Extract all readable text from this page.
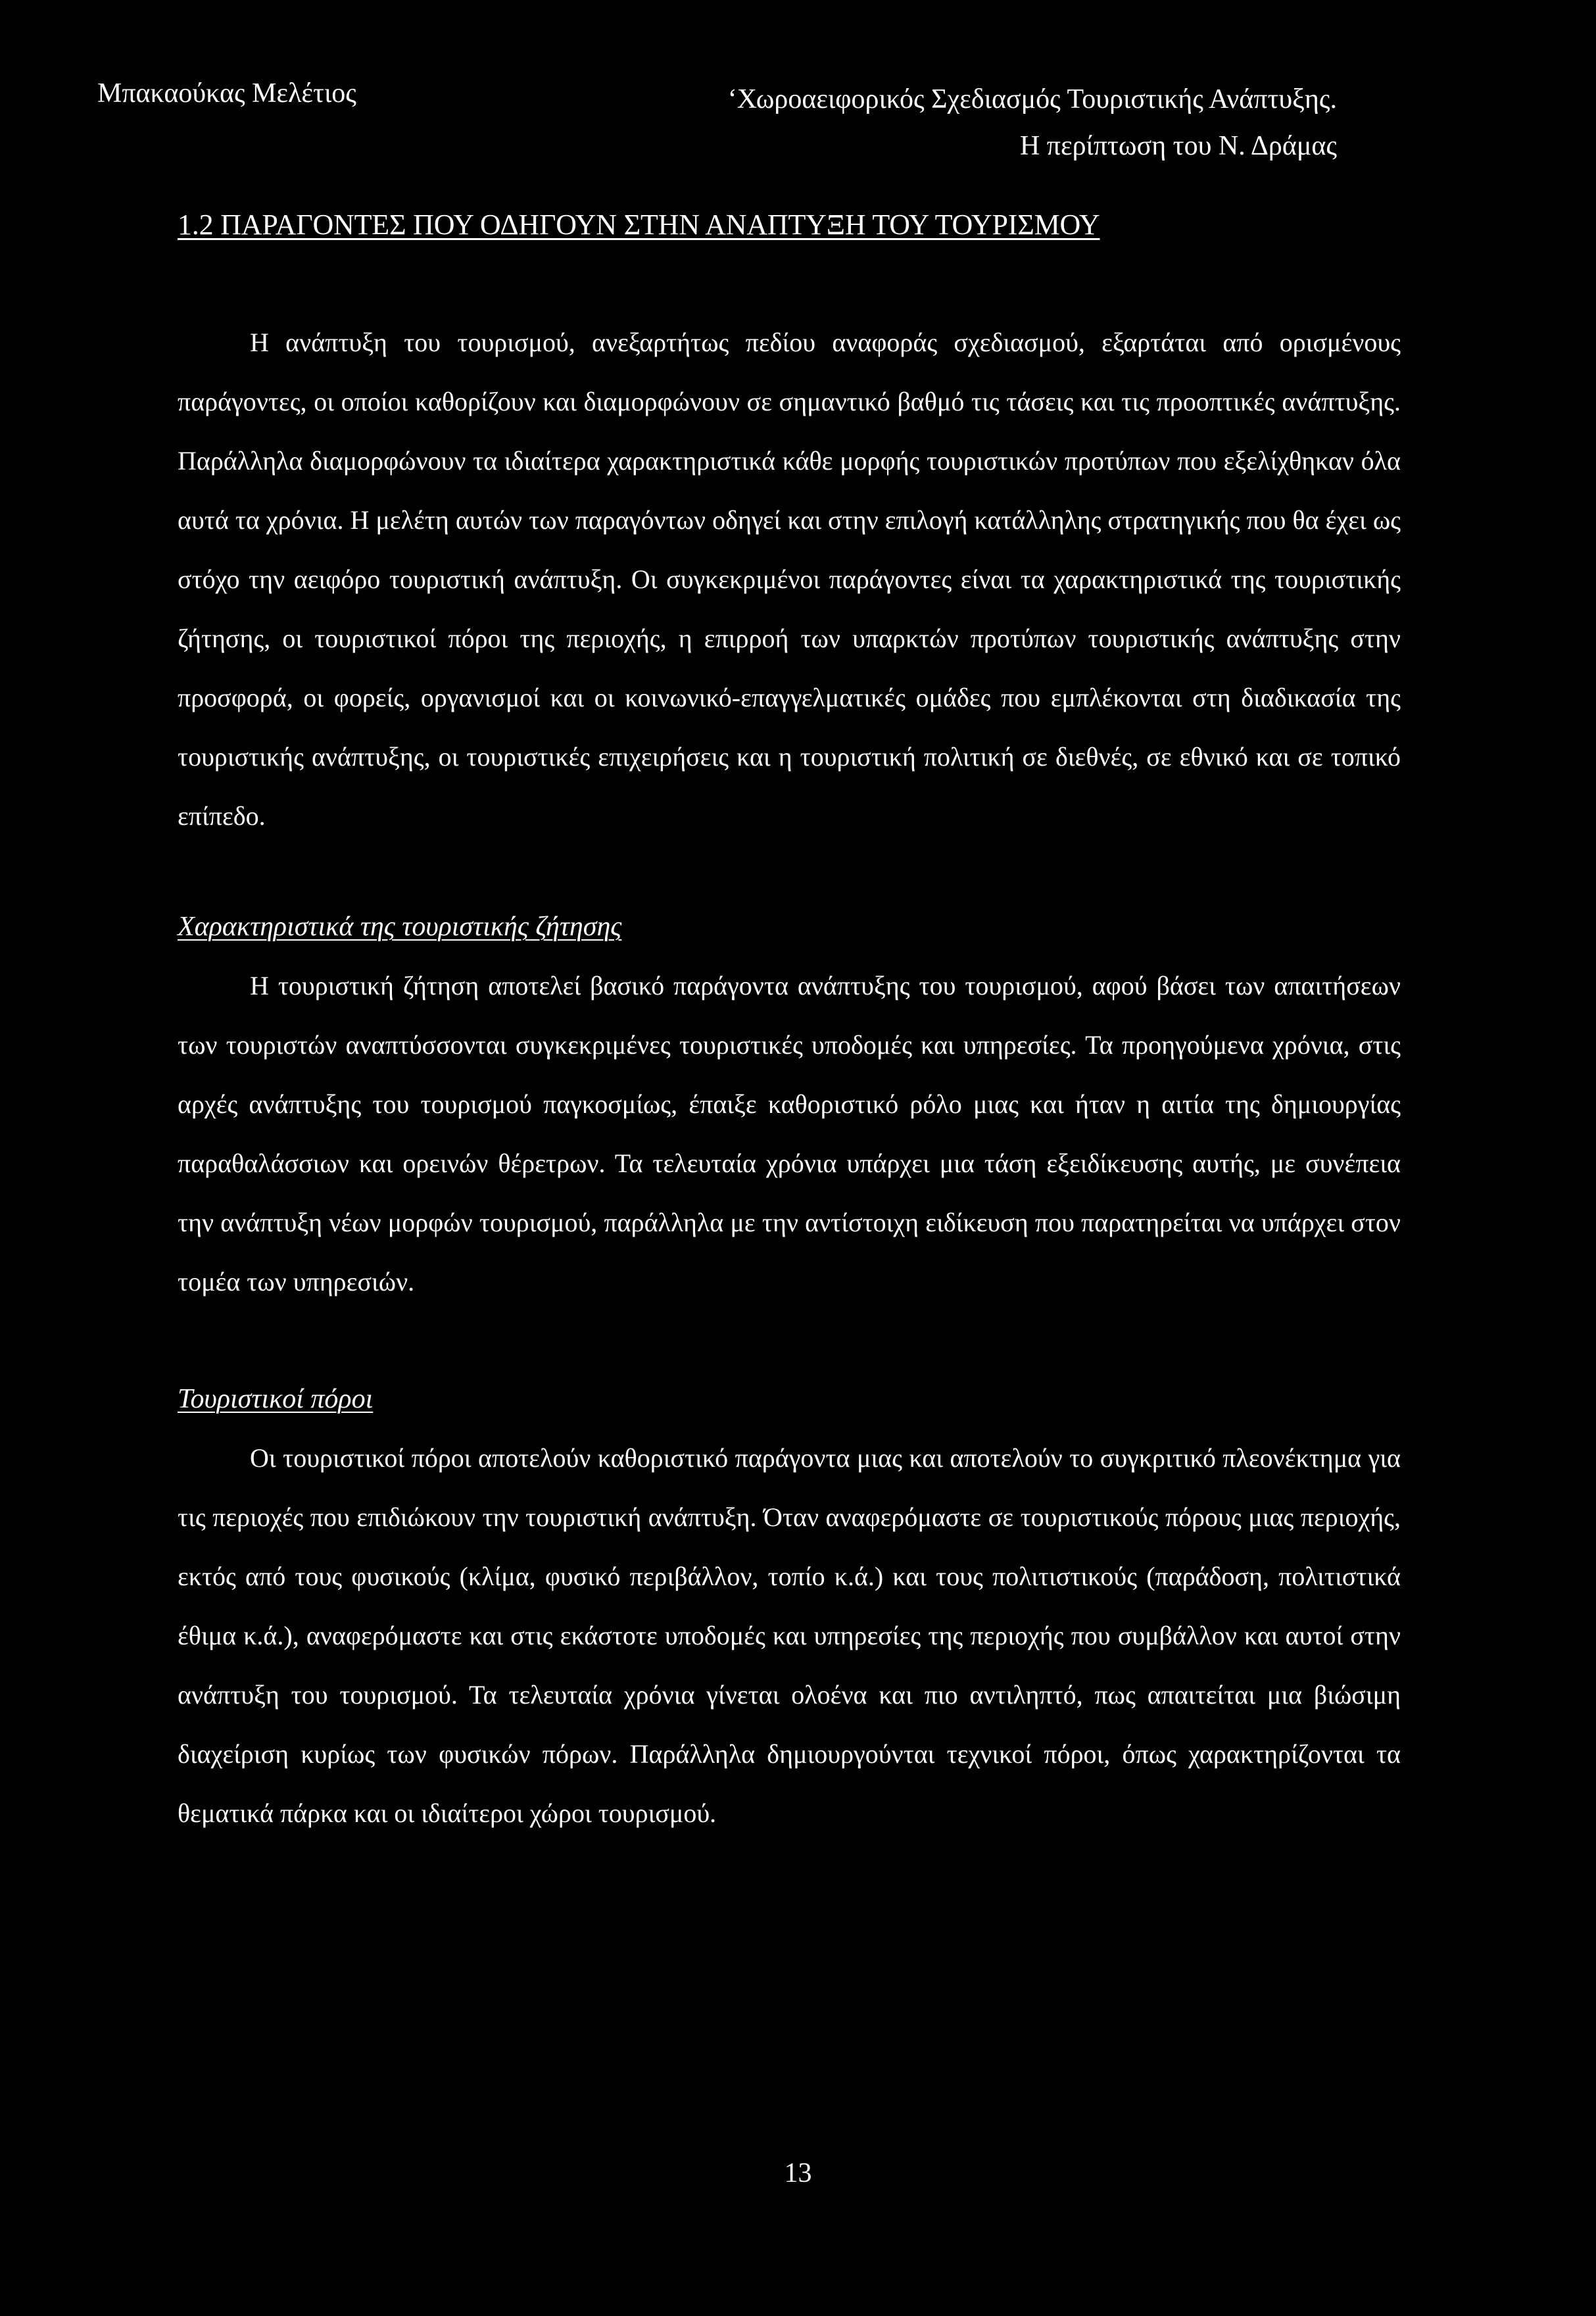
Μπακαούκας Μελέτιος	‘Χωροαειφορικός Σχεδιασμός Τουριστικής Ανάπτυξης.
Η περίπτωση του Ν. Δράμας
1.2 ΠΑΡΑΓΟΝΤΕΣ ΠΟΥ ΟΔΗΓΟΥΝ ΣΤΗΝ ΑΝΑΠΤΥΞΗ ΤΟΥ ΤΟΥΡΙΣΜΟΥ

Η ανάπτυξη του τουρισμού, ανεξαρτήτως πεδίου αναφοράς σχεδιασμού, εξαρτάται από ορισμένους παράγοντες, οι οποίοι καθορίζουν και διαμορφώνουν σε σημαντικό βαθμό τις τάσεις και τις προοπτικές ανάπτυξης. Παράλληλα διαμορφώνουν τα ιδιαίτερα χαρακτηριστικά κάθε μορφής τουριστικών προτύπων που εξελίχθηκαν όλα αυτά τα χρόνια. Η μελέτη αυτών των παραγόντων οδηγεί και στην επιλογή κατάλληλης στρατηγικής που θα έχει ως στόχο την αειφόρο τουριστική ανάπτυξη. Οι συγκεκριμένοι παράγοντες είναι τα χαρακτηριστικά της τουριστικής ζήτησης, οι τουριστικοί πόροι της περιοχής, η επιρροή των υπαρκτών προτύπων τουριστικής ανάπτυξης στην προσφορά, οι φορείς, οργανισμοί και οι κοινωνικό-επαγγελματικές ομάδες που εμπλέκονται στη διαδικασία της τουριστικής ανάπτυξης, οι τουριστικές επιχειρήσεις και η τουριστική πολιτική σε διεθνές, σε εθνικό και σε τοπικό επίπεδο.

Χαρακτηριστικά της τουριστικής ζήτησης

Η τουριστική ζήτηση αποτελεί βασικό παράγοντα ανάπτυξης του τουρισμού, αφού βάσει των απαιτήσεων των τουριστών αναπτύσσονται συγκεκριμένες τουριστικές υποδομές και υπηρεσίες. Τα προηγούμενα χρόνια, στις αρχές ανάπτυξης του τουρισμού παγκοσμίως, έπαιξε καθοριστικό ρόλο μιας και ήταν η αιτία της δημιουργίας παραθαλάσσιων και ορεινών θέρετρων. Τα τελευταία χρόνια υπάρχει μια τάση εξειδίκευσης αυτής, με συνέπεια την ανάπτυξη νέων μορφών τουρισμού, παράλληλα με την αντίστοιχη ειδίκευση που παρατηρείται να υπάρχει στον τομέα των υπηρεσιών.

Τουριστικοί πόροι

Οι τουριστικοί πόροι αποτελούν καθοριστικό παράγοντα μιας και αποτελούν το συγκριτικό πλεονέκτημα για τις περιοχές που επιδιώκουν την τουριστική ανάπτυξη. Όταν αναφερόμαστε σε τουριστικούς πόρους μιας περιοχής, εκτός από τους φυσικούς (κλίμα, φυσικό περιβάλλον, τοπίο κ.ά.) και τους πολιτιστικούς (παράδοση, πολιτιστικά έθιμα κ.ά.), αναφερόμαστε και στις εκάστοτε υποδομές και υπηρεσίες της περιοχής που συμβάλλον και αυτοί στην ανάπτυξη του τουρισμού. Τα τελευταία χρόνια γίνεται ολοένα και πιο αντιληπτό, πως απαιτείται μια βιώσιμη διαχείριση κυρίως των φυσικών πόρων. Παράλληλα δημιουργούνται τεχνικοί πόροι, όπως χαρακτηρίζονται τα θεματικά πάρκα και οι ιδιαίτεροι χώροι τουρισμού.

13
